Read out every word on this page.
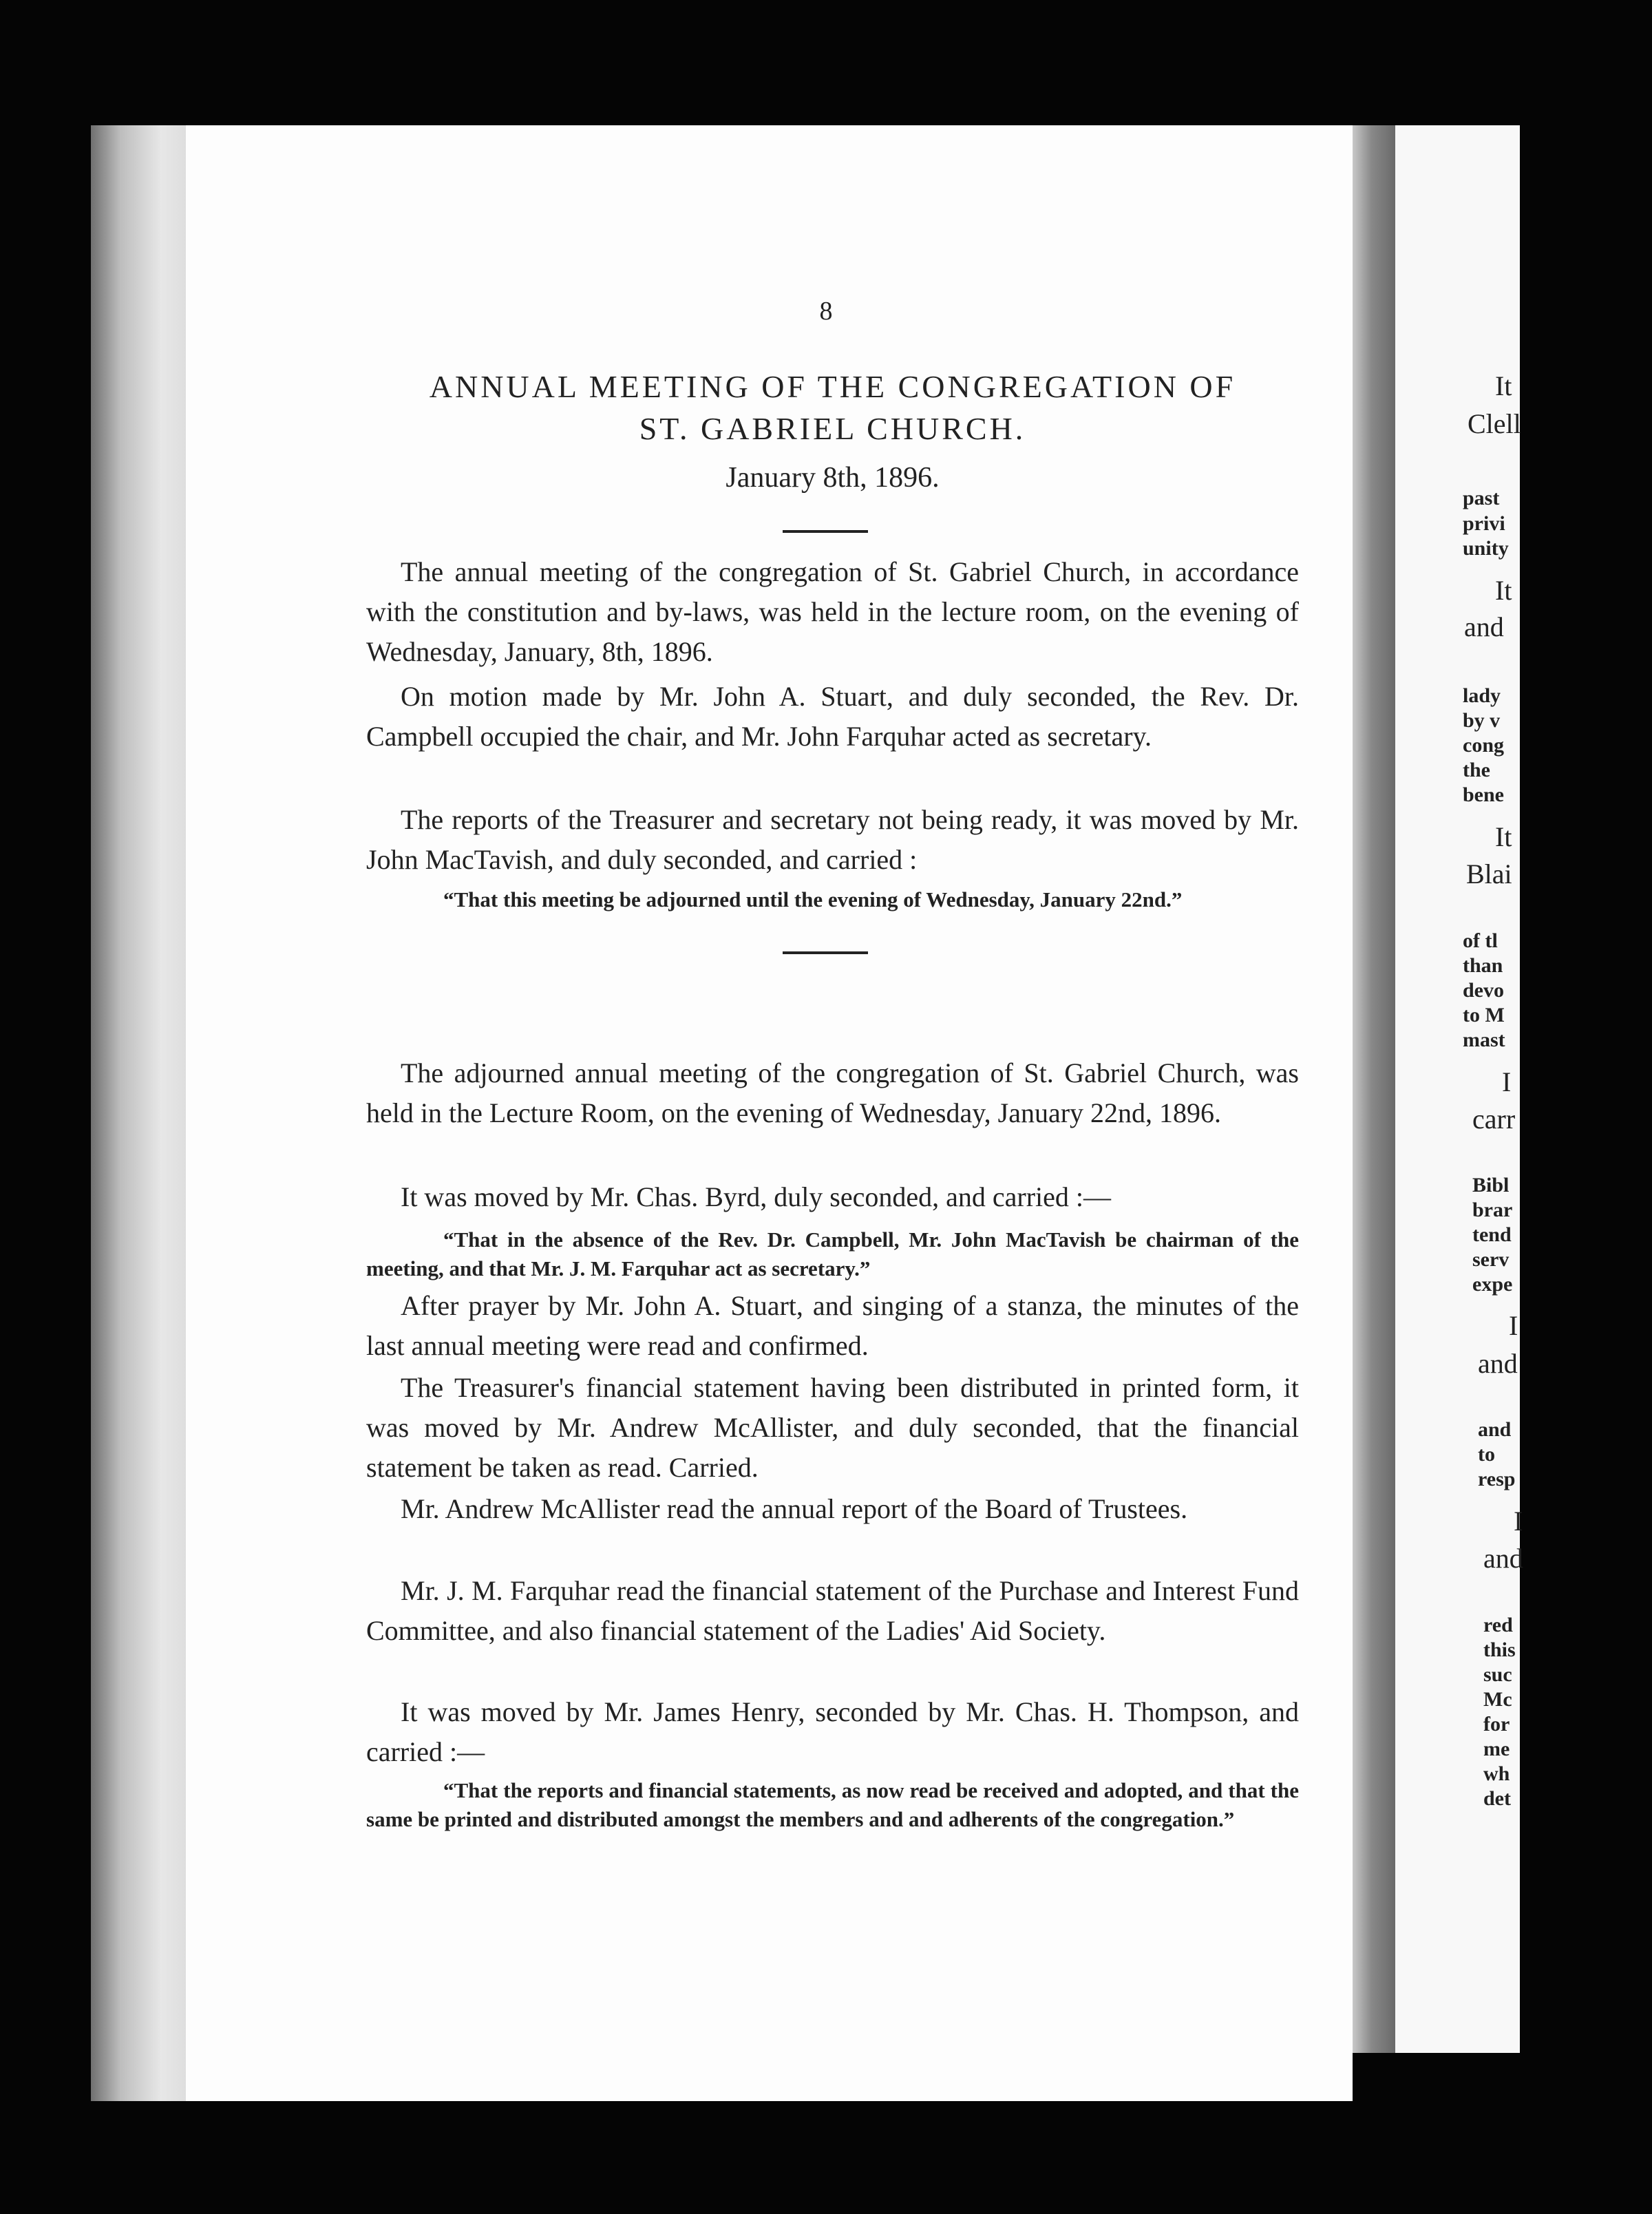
8
ANNUAL MEETING OF THE CONGREGATION OF
ST. GABRIEL CHURCH.
January 8th, 1896.
The annual meeting of the congregation of St. Gabriel Church, in accordance with the constitution and by-laws, was held in the lecture room, on the evening of Wednesday, January, 8th, 1896.
On motion made by Mr. John A. Stuart, and duly seconded, the Rev. Dr. Campbell occupied the chair, and Mr. John Farquhar acted as secretary.
The reports of the Treasurer and secretary not being ready, it was moved by Mr. John MacTavish, and duly seconded, and carried :
“That this meeting be adjourned until the evening of Wednesday, January 22nd.”
The adjourned annual meeting of the congregation of St. Gabriel Church, was held in the Lecture Room, on the evening of Wednesday, January 22nd, 1896.
It was moved by Mr. Chas. Byrd, duly seconded, and carried :—
“That in the absence of the Rev. Dr. Campbell, Mr. John MacTavish be chairman of the meeting, and that Mr. J. M. Farquhar act as secretary.”
After prayer by Mr. John A. Stuart, and singing of a stanza, the minutes of the last annual meeting were read and confirmed.
The Treasurer's financial statement having been distributed in printed form, it was moved by Mr. Andrew McAllister, and duly seconded, that the financial statement be taken as read. Carried.
Mr. Andrew McAllister read the annual report of the Board of Trustees.
Mr. J. M. Farquhar read the financial statement of the Purchase and Interest Fund Committee, and also financial statement of the Ladies' Aid Society.
It was moved by Mr. James Henry, seconded by Mr. Chas. H. Thompson, and carried :—
“That the reports and financial statements, as now read be received and adopted, and that the same be printed and distributed amongst the members and and adherents of the congregation.”
It
Clell
past
privi
unity
It
and
lady
by v
cong
the
bene
It
Blai
of tl
than
devo
to M
mast
I
carr
Bibl
brar
tend
serv
expe
I
and
and
to
resp
I
and
red
this
suc
Mc
for
me
wh
det
